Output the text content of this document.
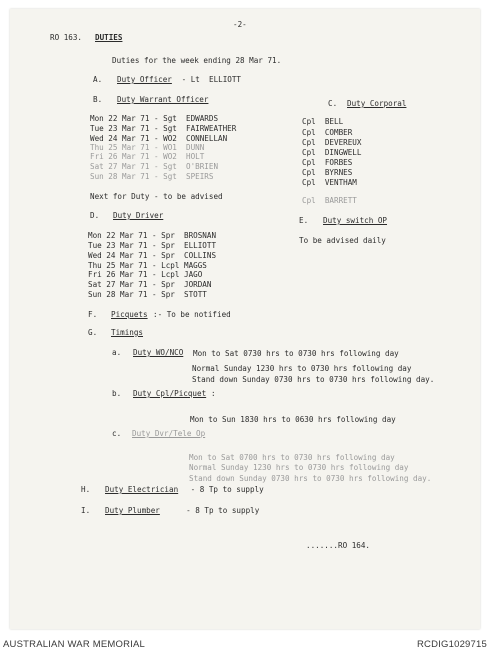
-2-
RO 163. DUTIES
Duties for the week ending 28 Mar 71.
A. Duty Officer - Lt  ELLIOTT
B. Duty Warrant Officer
Mon 22 Mar 71 - Sgt  EDWARDS
Tue 23 Mar 71 - Sgt  FAIRWEATHER
Wed 24 Mar 71 - WO2  CONNELLAN
Thu 25 Mar 71 - WO1  DUNN
Fri 26 Mar 71 - WO2  HOLT
Sat 27 Mar 71 - Sgt  O'BRIEN
Sun 28 Mar 71 - Sgt  SPEIRS
Next for Duty - to be advised
C. Duty Corporal
Cpl  BELL
Cpl  COMBER
Cpl  DEVEREUX
Cpl  DINGWELL
Cpl  FORBES
Cpl  BYRNES
Cpl  VENTHAM
Cpl  BARRETT
D. Duty Driver
Mon 22 Mar 71 - Spr  BROSNAN
Tue 23 Mar 71 - Spr  ELLIOTT
Wed 24 Mar 71 - Spr  COLLINS
Thu 25 Mar 71 - Lcpl MAGGS
Fri 26 Mar 71 - Lcpl JAGO
Sat 27 Mar 71 - Spr  JORDAN
Sun 28 Mar 71 - Spr  STOTT
E. Duty switch OP
To be advised daily
F. Picquets :- To be notified
G. Timings
a. Duty WO/NCO Mon to Sat 0730 hrs to 0730 hrs following day
Normal Sunday 1230 hrs to 0730 hrs following day
Stand down Sunday 0730 hrs to 0730 hrs following day.
b. Duty Cpl/Picquet :
Mon to Sun 1830 hrs to 0630 hrs following day
c. Duty Dvr/Tele Op
Mon to Sat 0700 hrs to 0730 hrs following day
Normal Sunday 1230 hrs to 0730 hrs following day
Stand down Sunday 0730 hrs to 0730 hrs following day.
H. Duty Electrician - 8 Tp to supply
I. Duty Plumber - 8 Tp to supply
.......RO 164.
AUSTRALIAN WAR MEMORIAL	RCDIG1029715
